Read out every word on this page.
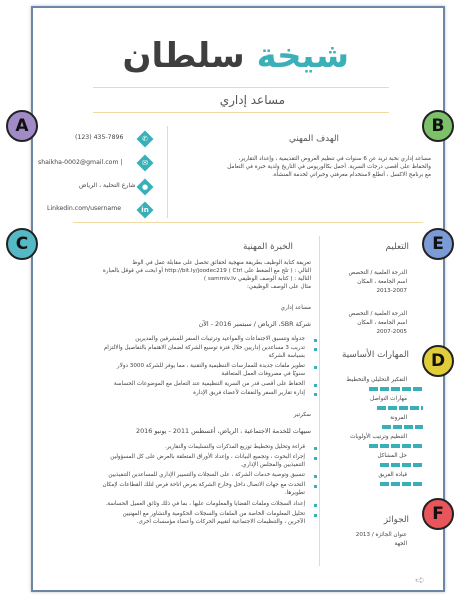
شيخة سلطان
مساعد إداري
(123) 435-7896	✆
shaikha-0002@gmail.com |	✉
شارع التحلية ، الرياض ●
Linkedin.com/username	in
الهدف المهني
مساعد إداري نخبة تريد عن 6 سنوات في تنظيم العروض التقديمية ، وإعداد التقارير،
والحفاظ على أقصى درجات السرية. أحمل بكالوريوس في التاريخ ولدية خبرة في التعامل
مع برنامج الاكسل ، أتطلع لاستخدام معرفتي وخبراتي لخدمة المنشأة.
الخبرة المهنية
تعريفة كتابة الوظيف بطريقة منهجية لحقائق تحصل على مقابلة عمل في الوظ
التالي : ( تلح مع الضغط على Ctrl ) http://bit.ly/joodec219 أو ابحث في قوقل بالعبارة
التالية : ( كتابة الوصف الوظيفي sammiv.lv )
مثال على الوصف الوظيفي:
مساعد إداري
شركة SBR، الرياض / سبتمبر 2016 - الآن
جدولة وتنسيق الاجتماعات والمواعيد وترتيبات السفر للمشرفين والمديرين
تدريب 3 مساعدين إداريين خلال فترة توسيع الشركة لضمان الاهتمام بالتفاصيل والالتزام
بسياسة الشركة
تطوير ملفات جديدة للممارسات التنظيمية والتقنية ، مما يوفر للشركة 3000 دولار
سنويًا في مصروفات العمل المتعاقبة
الحفاظ على أقصى قدر من السرية التنظيمية عند التعامل مع الموضوعات الحساسة
إدارة تقارير السفر والنفقات لأعضاء فريق الإدارة
سكرتير
سيهات للخدمة الاجتماعية ، الرياض، أغسطس 2011 - يونيو 2016
قراءة وتحليل وتخطيط توزيع المذكرات والتسليمات والتقارير.
إجراء البحوث ، وتجميع البيانات ، وإعداد الأوراق المتعلقة بالعرض على كل المسؤولين
التنفيذيين والمجلس الإداري.
تنسيق وتوصية خدمات الشركة ، على السجلات والتسيير الإداري للمساعدين التنفيذيين
التحدث مع جهات الاتصال داخل وخارج الشركة بغرض اتاحة فرص لتلك القطاعات لإمكان
تطويرها.
إعداد السجلات وملفات القضايا والمعلومات عليها ، بما في ذلك وثائق العميل الحساسة.
تحليل المعلومات الخاصة من الملفات والسجلات الحكومية والتشاور مع المهنيين
الآخرين ، والتنظيمات الاجتماعية لتقييم الحركات وأعضاء مؤسسات أخرى.
التعليم
الدرجة العلمية / التخصص
اسم الجامعة ، المكان
2013-2007
الدرجة العلمية / التخصص
اسم الجامعة ، المكان
2007-2005
المهارات الأساسية
الجوائز
عنوان الجائزة / 2013
الجهة
➪
التفكير التحليلي والتخطيط
مهارات التواصل
المرونة
التنظيم وترتيب الأولويات
حل المشاكل
قيادة الفريق
A	B
C	E
D
F
